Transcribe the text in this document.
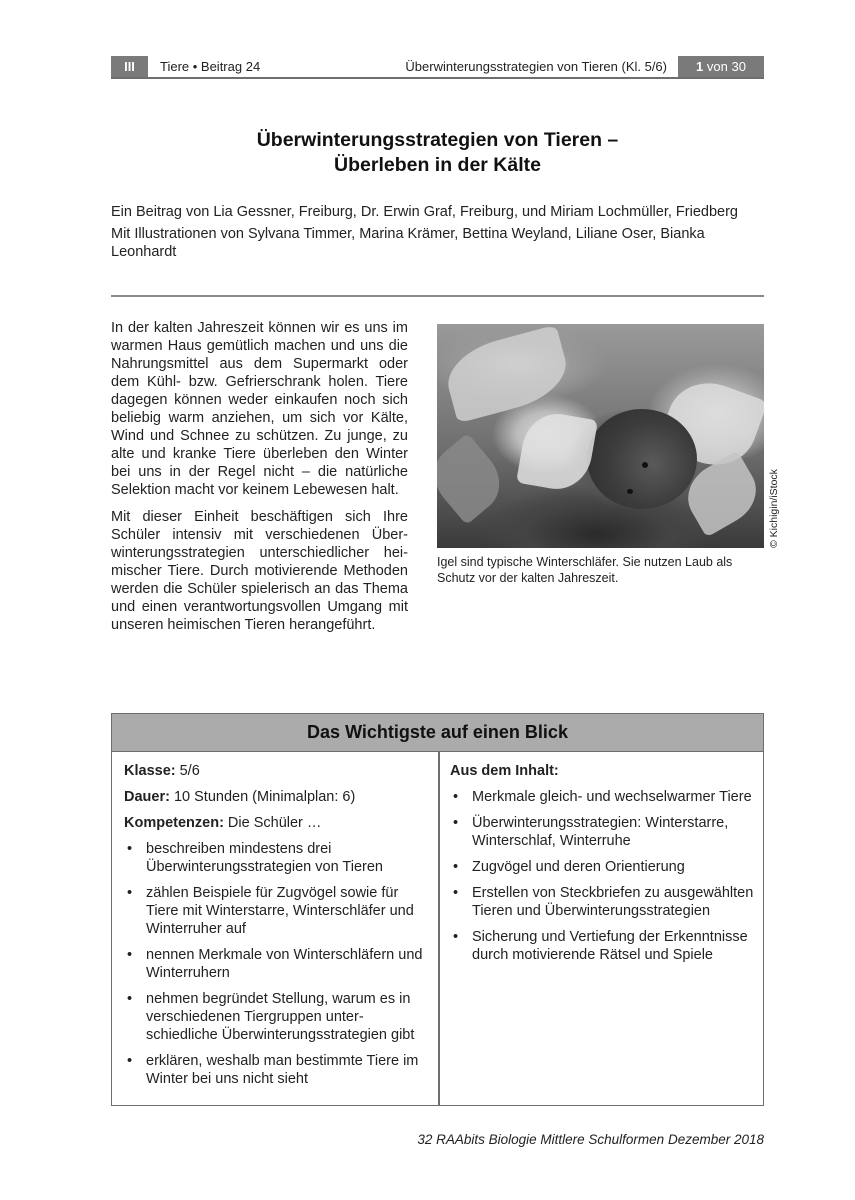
III	Tiere • Beitrag 24	Überwinterungsstrategien von Tieren (Kl. 5/6)	1 von 30
Überwinterungsstrategien von Tieren –
Überleben in der Kälte

Ein Beitrag von Lia Gessner, Freiburg, Dr. Erwin Graf, Freiburg, und Miriam Lochmüller, Friedberg

Mit Illustrationen von Sylvana Timmer, Marina Krämer, Bettina Weyland, Liliane Oser, Bianka Leonhardt

In der kalten Jahreszeit können wir es uns im warmen Haus gemütlich machen und uns die Nahrungsmittel aus dem Supermarkt oder dem Kühl- bzw. Gefrierschrank holen. Tiere dagegen können weder einkaufen noch sich beliebig warm anziehen, um sich vor Kälte, Wind und Schnee zu schützen. Zu junge, zu alte und kranke Tiere überleben den Winter bei uns in der Regel nicht – die natürliche Selektion macht vor keinem Lebewesen halt.

Mit dieser Einheit beschäftigen sich Ihre Schüler intensiv mit verschiedenen Überwinterungsstrategien unterschiedlicher heimischer Tiere. Durch motivierende Methoden werden die Schüler spielerisch an das Thema und einen verantwortungsvollen Umgang mit unseren heimischen Tieren herangeführt.

© Kichigin/iStock
Igel sind typische Winterschläfer. Sie nutzen Laub als Schutz vor der kalten Jahreszeit.
Das Wichtigste auf einen Blick
Klasse: 5/6
Dauer: 10 Stunden (Minimalplan: 6)
Kompetenzen: Die Schüler …
• beschreiben mindestens drei Überwinterungsstrategien von Tieren
• zählen Beispiele für Zugvögel sowie für Tiere mit Winterstarre, Winterschläfer und Winterruher auf
• nennen Merkmale von Winterschläfern und Winterruhern
• nehmen begründet Stellung, warum es in verschiedenen Tiergruppen unterschiedliche Überwinterungsstrategien gibt
• erklären, weshalb man bestimmte Tiere im Winter bei uns nicht sieht
Aus dem Inhalt:
• Merkmale gleich- und wechselwarmer Tiere
• Überwinterungsstrategien: Winterstarre, Winterschlaf, Winterruhe
• Zugvögel und deren Orientierung
• Erstellen von Steckbriefen zu ausgewählten Tieren und Überwinterungsstrategien
• Sicherung und Vertiefung der Erkenntnisse durch motivierende Rätsel und Spiele
32 RAAbits Biologie Mittlere Schulformen Dezember 2018
